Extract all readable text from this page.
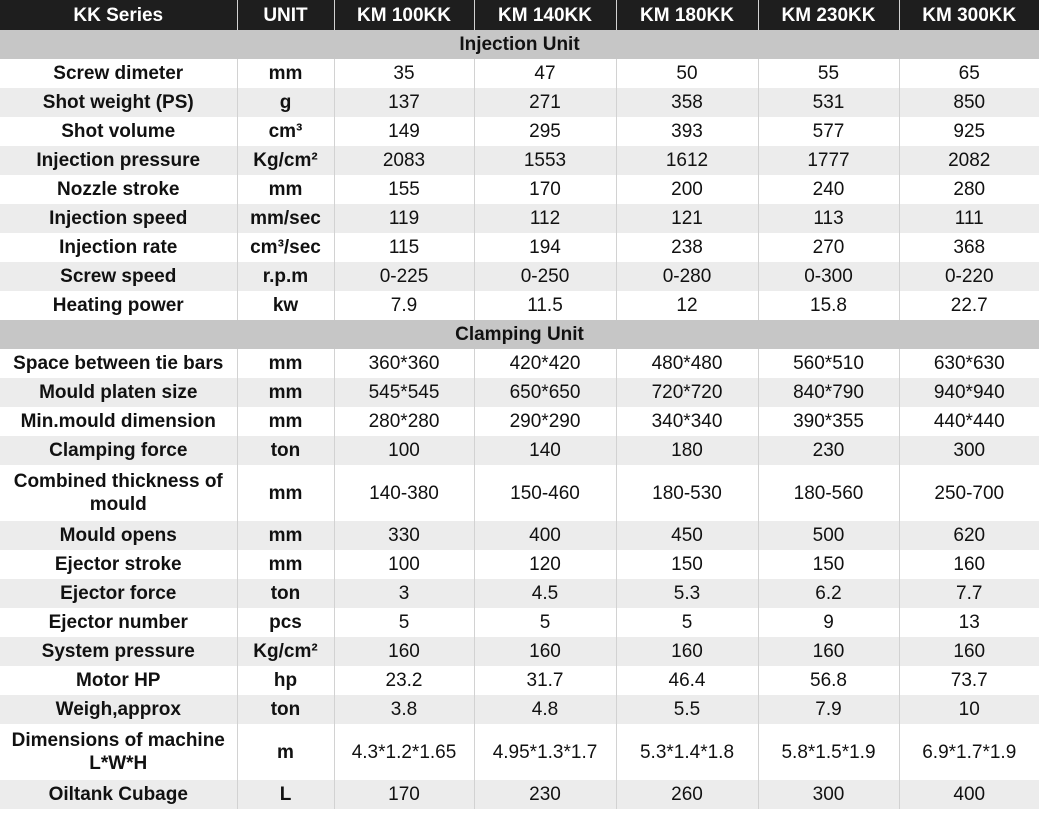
KK Series	UNIT	KM 100KK	KM 140KK	KM 180KK	KM 230KK	KM 300KK
Injection Unit						
Screw dimeter	mm	35	47	50	55	65
Shot weight (PS)	g	137	271	358	531	850
Shot volume	cm³	149	295	393	577	925
Injection pressure	Kg/cm²	2083	1553	1612	1777	2082
Nozzle stroke	mm	155	170	200	240	280
Injection speed	mm/sec	119	112	121	113	111
Injection rate	cm³/sec	115	194	238	270	368
Screw speed	r.p.m	0-225	0-250	0-280	0-300	0-220
Heating power	kw	7.9	11.5	12	15.8	22.7
Clamping Unit						
Space between tie bars	mm	360*360	420*420	480*480	560*510	630*630
Mould platen size	mm	545*545	650*650	720*720	840*790	940*940
Min.mould dimension	mm	280*280	290*290	340*340	390*355	440*440
Clamping force	ton	100	140	180	230	300
Combined thickness of mould	mm	140-380	150-460	180-530	180-560	250-700
Mould opens	mm	330	400	450	500	620
Ejector stroke	mm	100	120	150	150	160
Ejector force	ton	3	4.5	5.3	6.2	7.7
Ejector number	pcs	5	5	5	9	13
System pressure	Kg/cm²	160	160	160	160	160
Motor HP	hp	23.2	31.7	46.4	56.8	73.7
Weigh,approx	ton	3.8	4.8	5.5	7.9	10
Dimensions of machine L*W*H	m	4.3*1.2*1.65	4.95*1.3*1.7	5.3*1.4*1.8	5.8*1.5*1.9	6.9*1.7*1.9
Oiltank Cubage	L	170	230	260	300	400
